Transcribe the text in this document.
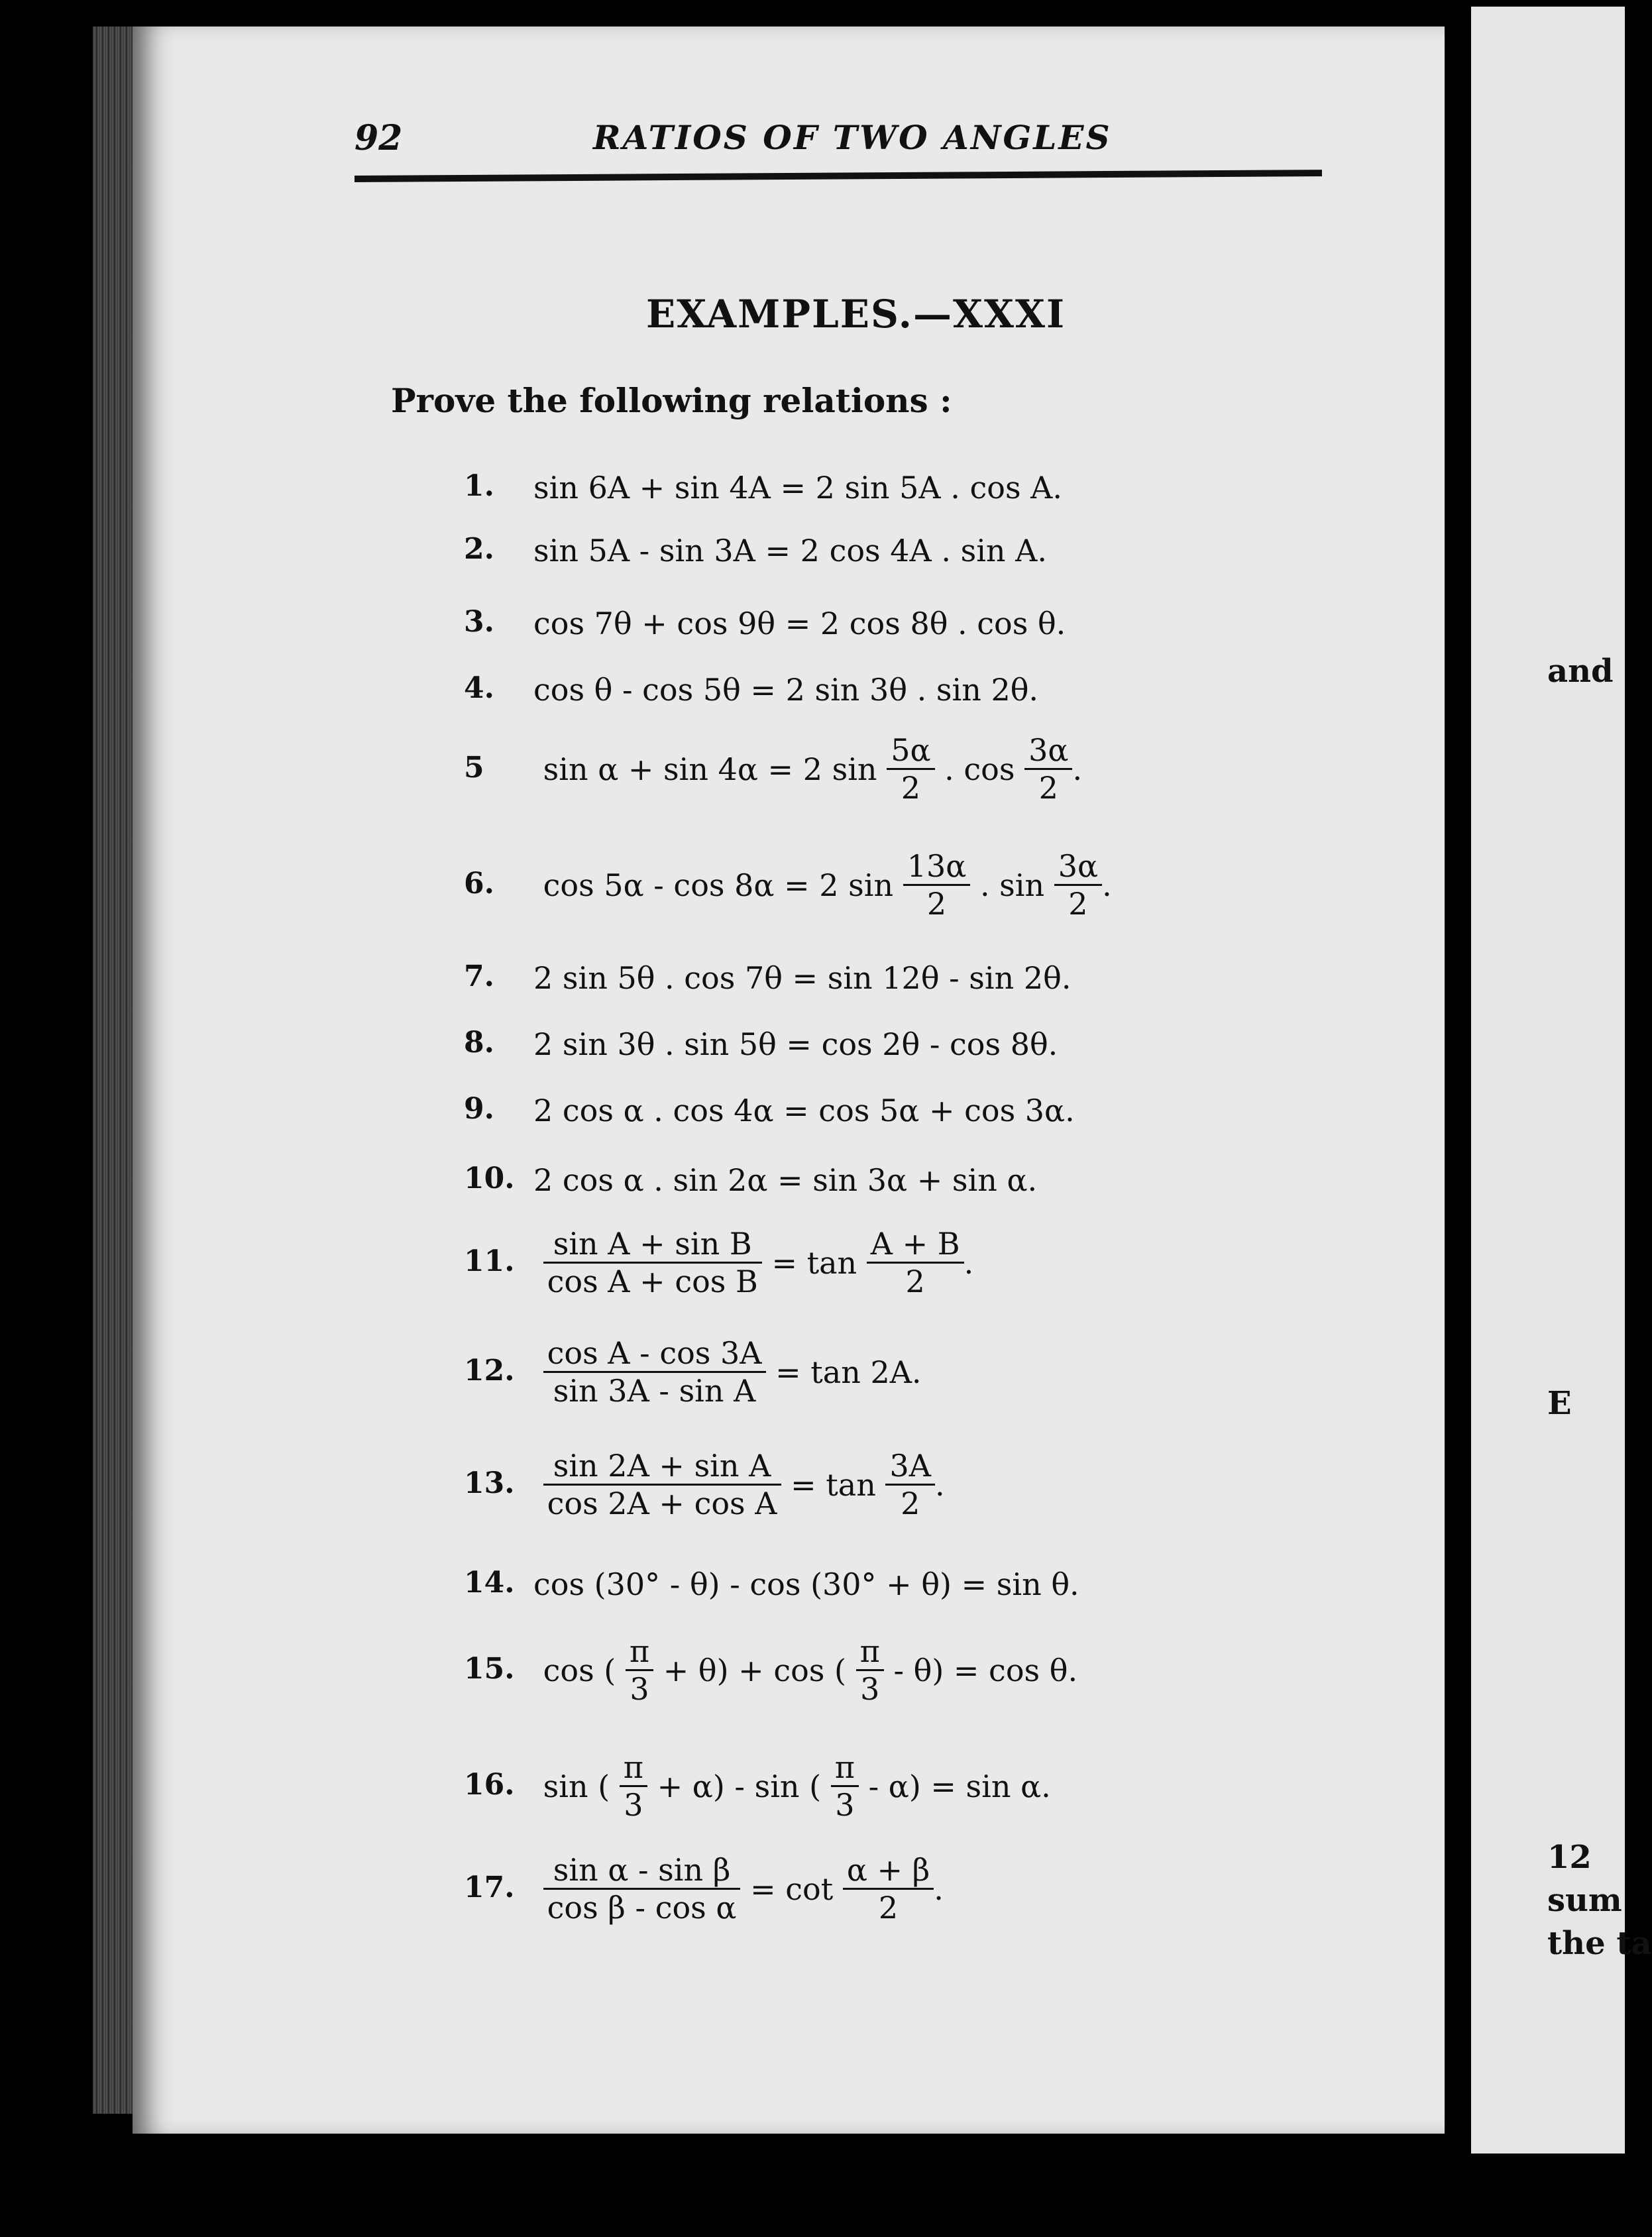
and
E
12
sum
the ta
92	RATIOS OF TWO ANGLES
EXAMPLES.—XXXI
Prove the following relations :
1. sin 6A + sin 4A = 2 sin 5A . cos A.
2. sin 5A - sin 3A = 2 cos 4A . sin A.
3. cos 7θ + cos 9θ = 2 cos 8θ . cos θ.
4. cos θ - cos 5θ = 2 sin 3θ . sin 2θ.
5 sin α + sin 4α = 2 $\sin \frac{5\alpha}{2}$ . $\cos \frac{3\alpha}{2}$ .
6. cos 5α - cos 8α = 2 $\sin \frac{13\alpha}{2}$ . $\sin \frac{3\alpha}{2}$ .
7. 2 sin 5θ . cos 7θ = sin 12θ - sin 2θ.
8. 2 sin 3θ . sin 5θ = cos 2θ - cos 8θ.
9. 2 cos α . cos 4α = cos 5α + cos 3α.
10. 2 cos α . sin 2α = sin 3α + sin α.
11. $\frac{\text{sin A + sin B}}{\text{cos A + cos B}} = \tan \frac{A + B}{2}$ .
12. $\frac{\text{cos A - cos 3A}}{\text{sin 3A - sin A}} = \tan 2A$.
13. $\frac{\text{sin 2A + sin A}}{\text{cos 2A + cos A}} = \tan \frac{3A}{2}$ .
14. cos (30° - θ) - cos (30° + θ) = sin θ.
15. cos ( $\frac{\pi}{3} + \theta) + \cos$ ( $\frac{\pi}{3} - \theta) = \cos \theta$.
16. sin ( $\frac{\pi}{3} + \alpha) - \sin$ ( $\frac{\pi}{3} - \alpha) = \sin \alpha$.
17. $\frac{\text{sin α - sin β}}{\text{cos β - cos α}} = \cot \frac{\alpha + \beta}{2}$ .
